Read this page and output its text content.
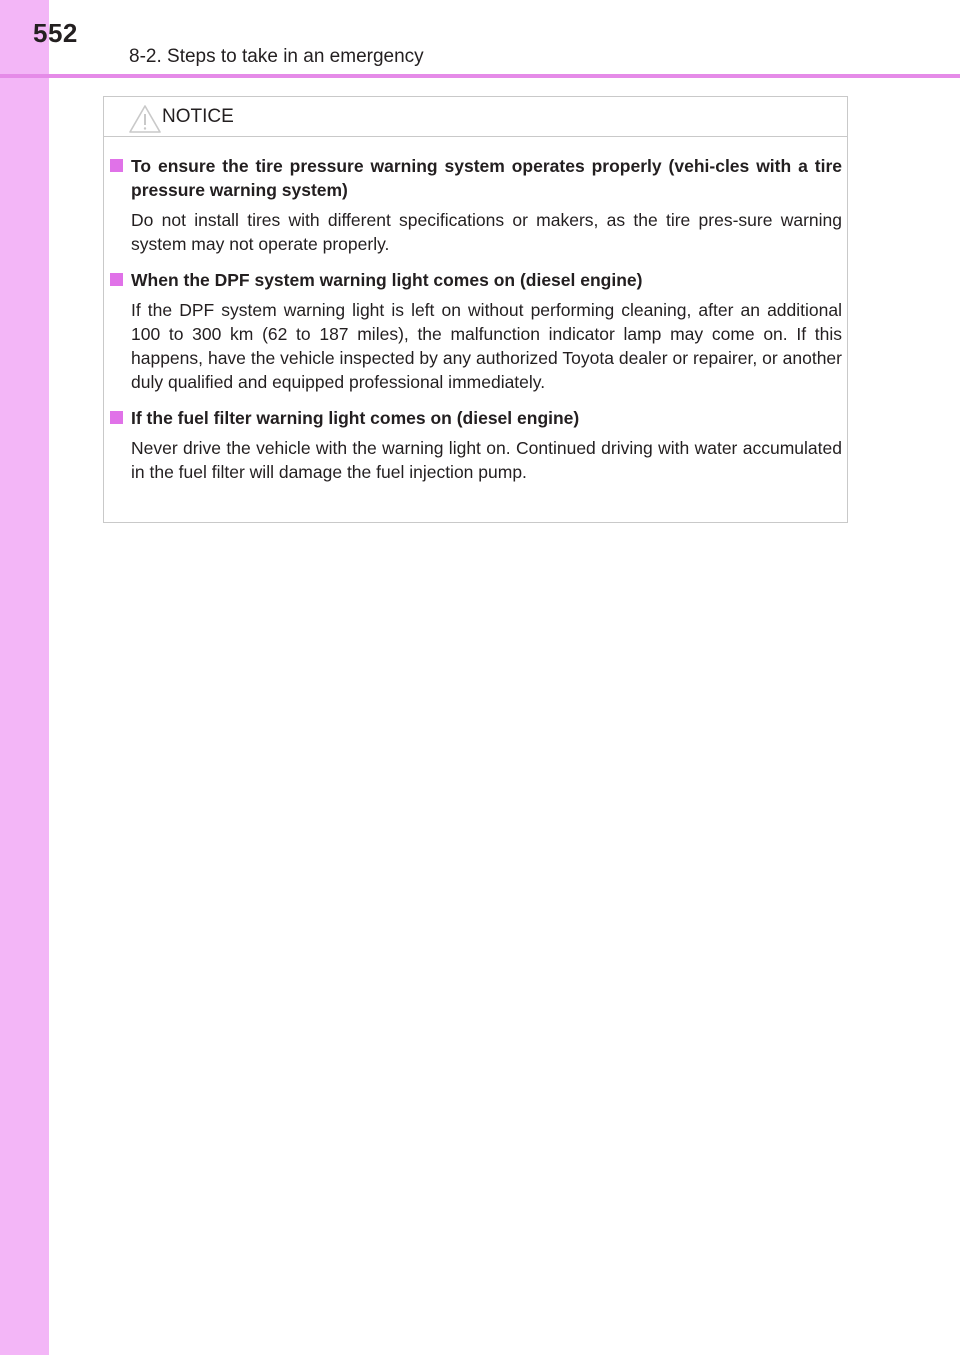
552
8-2. Steps to take in an emergency
NOTICE
To ensure the tire pressure warning system operates properly (vehi-cles with a tire pressure warning system)
Do not install tires with different specifications or makers, as the tire pres-sure warning system may not operate properly.
When the DPF system warning light comes on (diesel engine)
If the DPF system warning light is left on without performing cleaning, after an additional 100 to 300 km (62 to 187 miles), the malfunction indicator lamp may come on. If this happens, have the vehicle inspected by any authorized Toyota dealer or repairer, or another duly qualified and equipped professional immediately.
If the fuel filter warning light comes on (diesel engine)
Never drive the vehicle with the warning light on. Continued driving with water accumulated in the fuel filter will damage the fuel injection pump.
